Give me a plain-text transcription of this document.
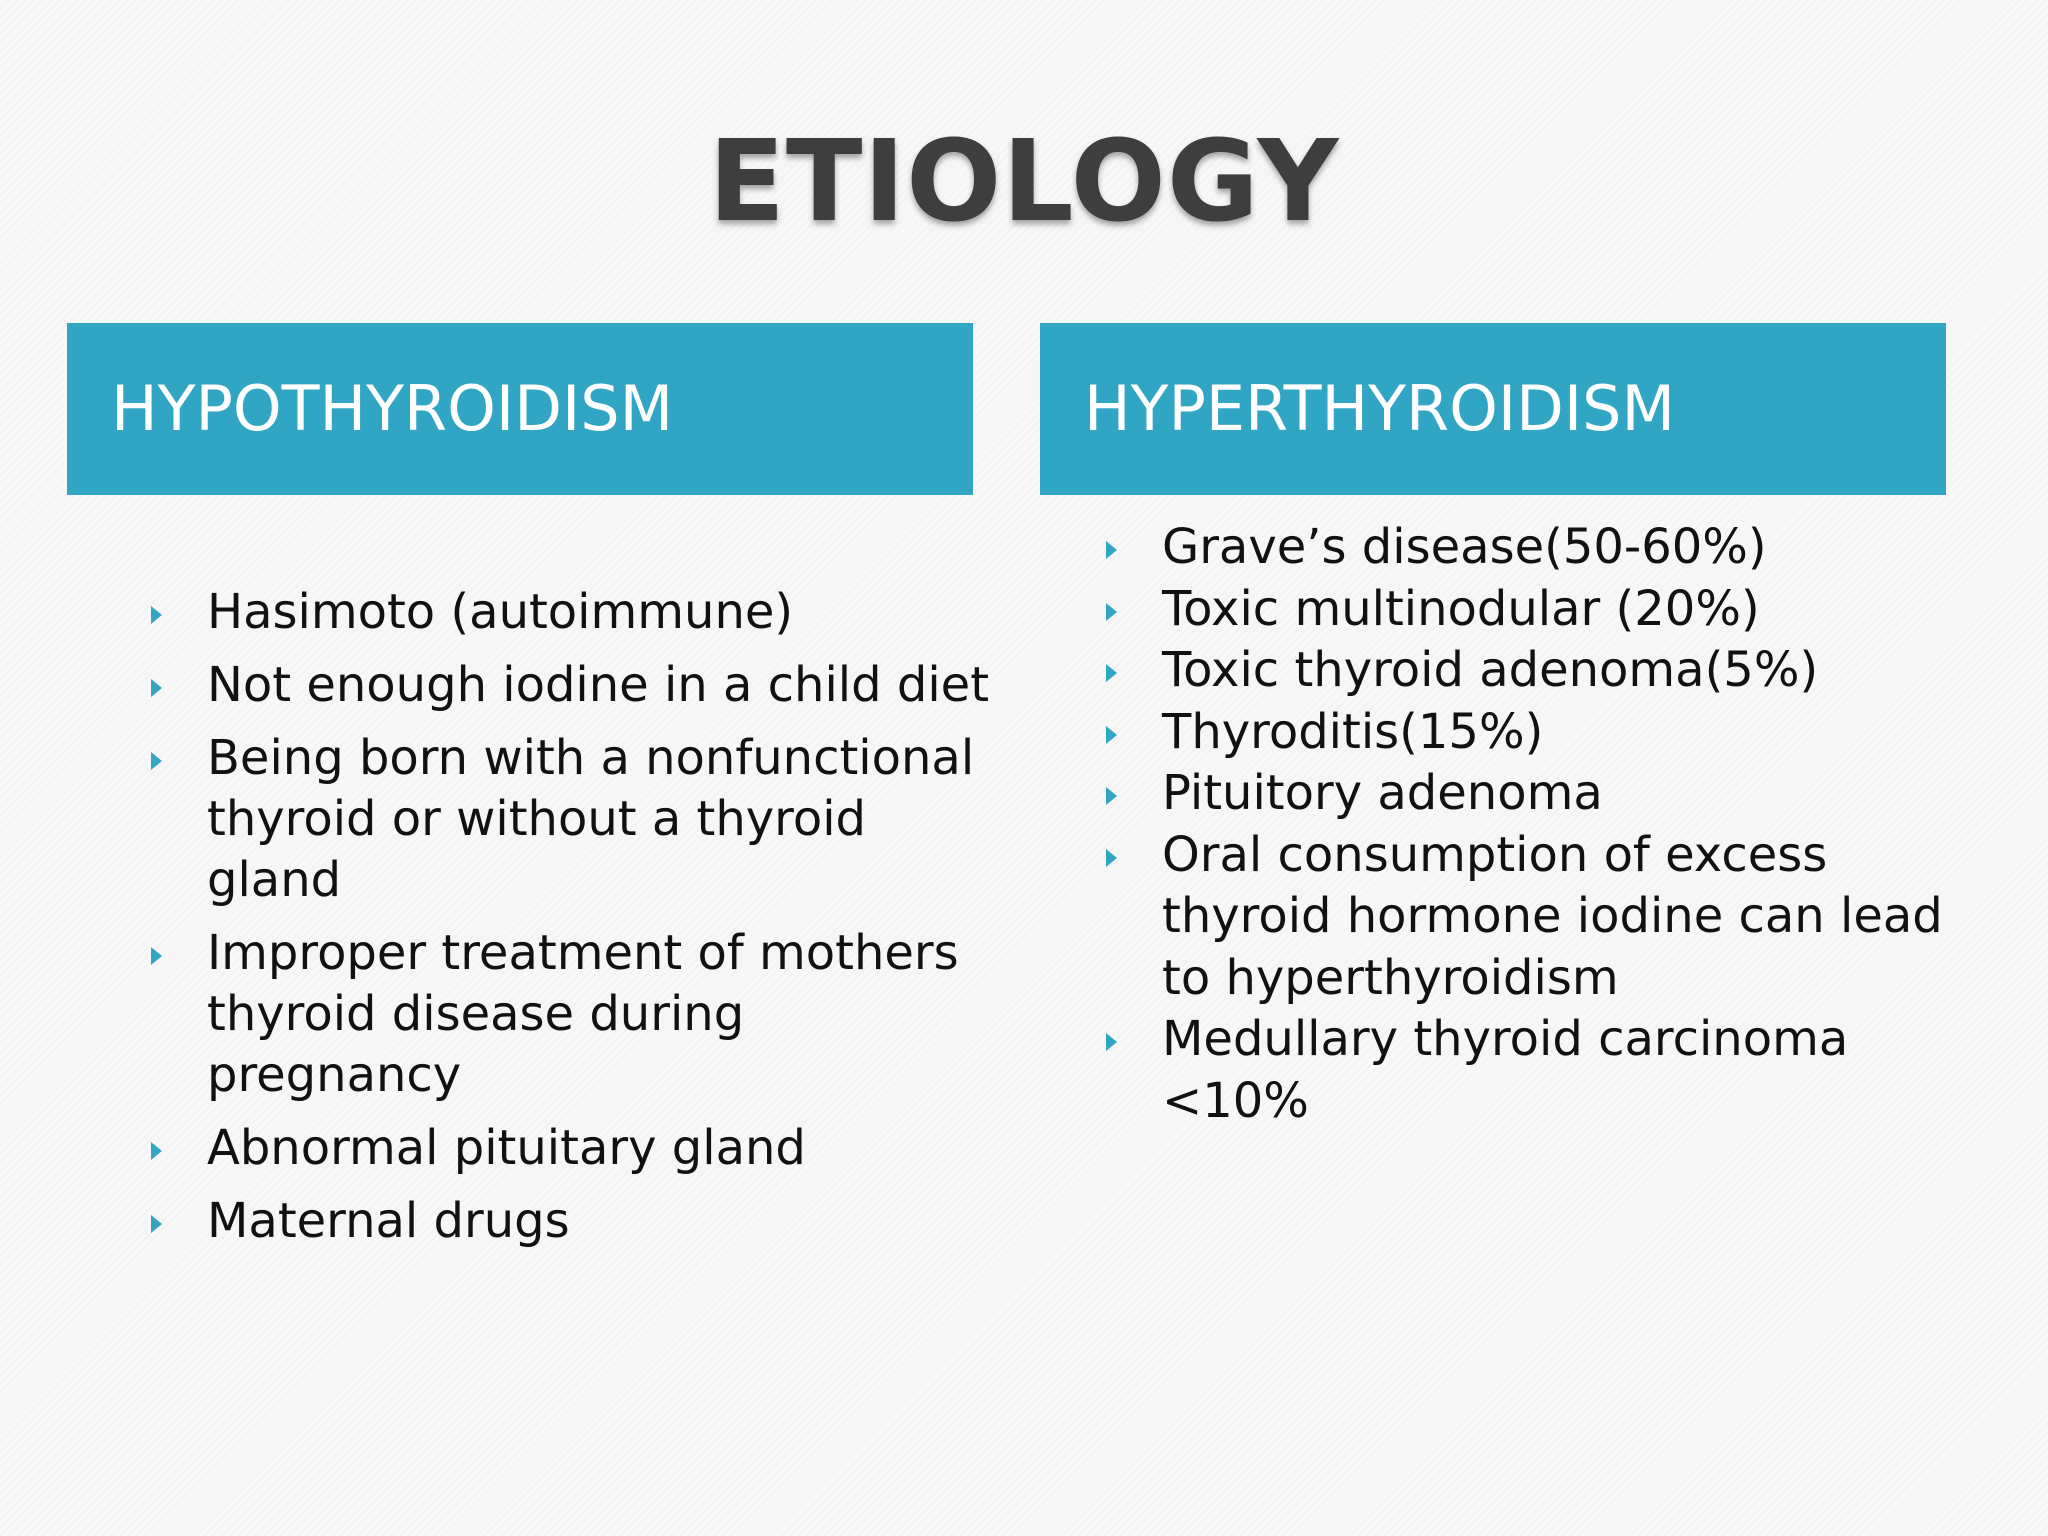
ETIOLOGY
HYPOTHYROIDISM	HYPERTHYROIDISM
Hasimoto (autoimmune)
Not enough iodine in a child diet
Being born with a nonfunctional thyroid or without a thyroid gland
Improper treatment of mothers thyroid disease during pregnancy
Abnormal pituitary gland
Maternal drugs
Grave’s disease(50-60%)
Toxic multinodular (20%)
Toxic thyroid adenoma(5%)
Thyroditis(15%)
Pituitory adenoma
Oral consumption of excess thyroid hormone iodine can lead to hyperthyroidism
Medullary thyroid carcinoma <10%
